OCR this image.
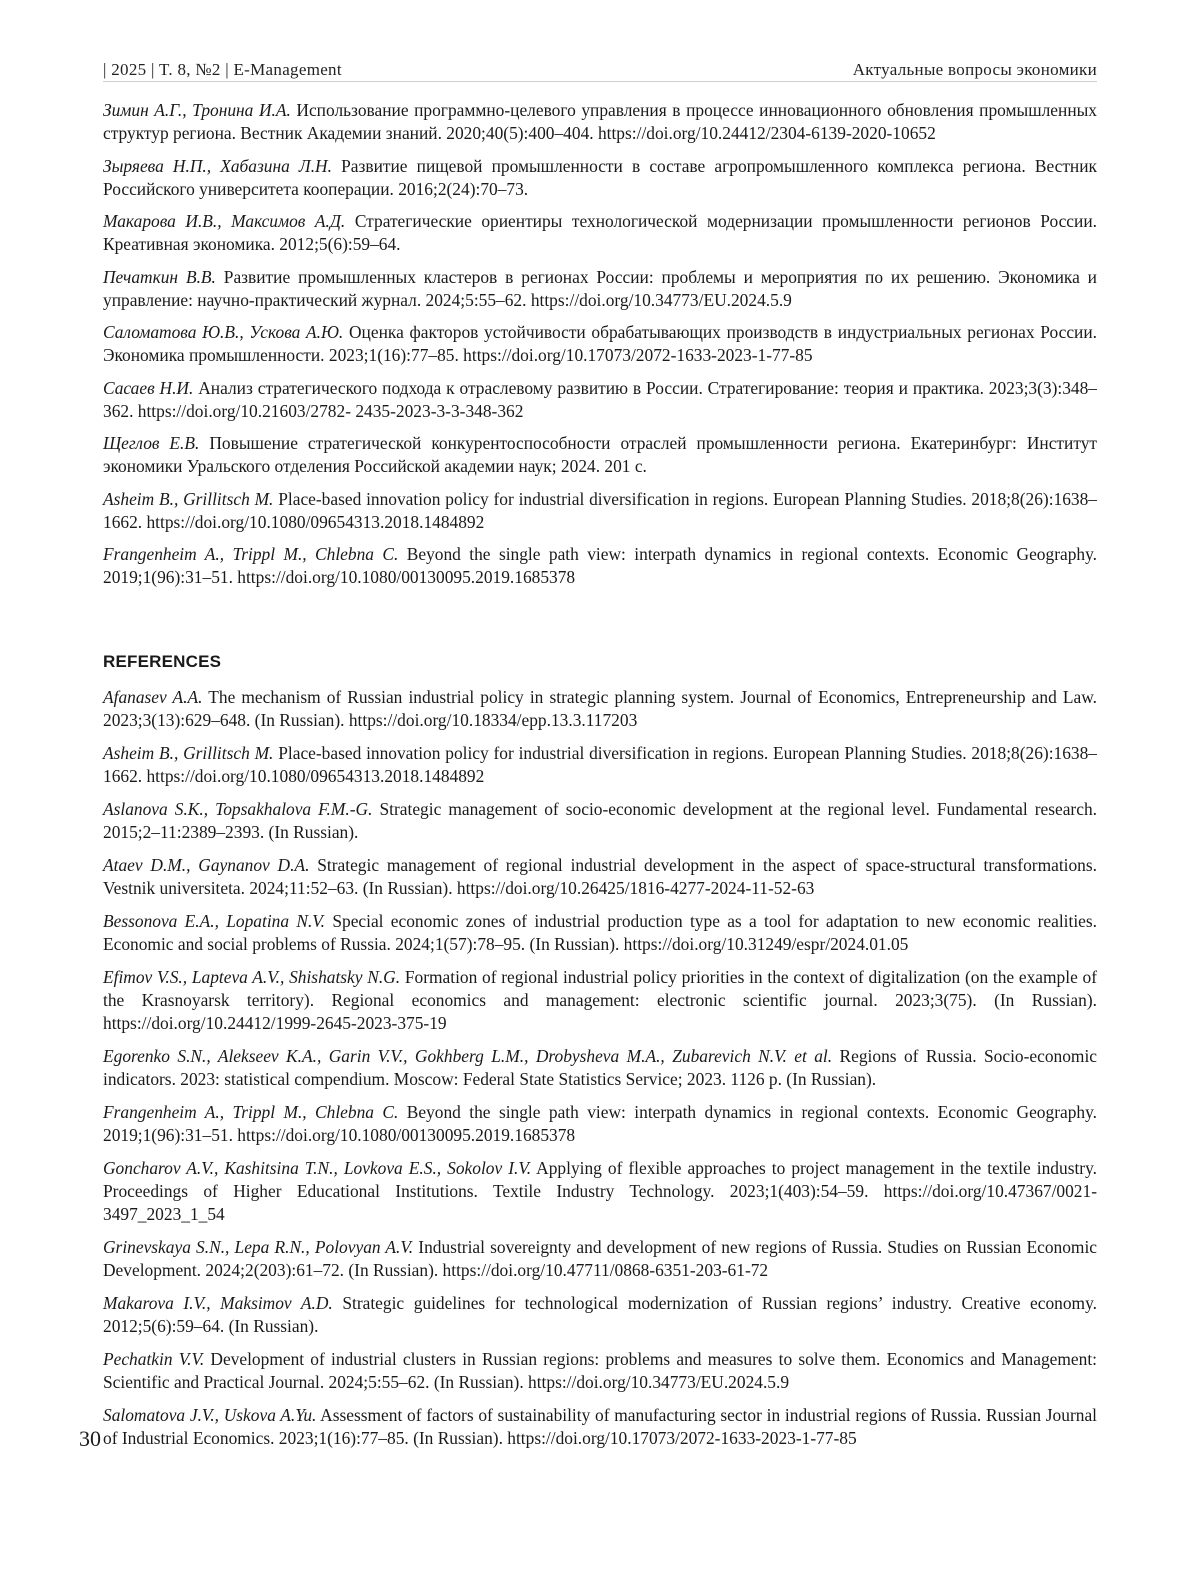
| 2025 | T. 8, №2 | E-Management	Актуальные вопросы экономики

Зимин А.Г., Тронина И.А. Использование программно-целевого управления в процессе инновационного обновления промышленных структур региона. Вестник Академии знаний. 2020;40(5):400–404. https://doi.org/10.24412/2304-6139-2020-10652

Зыряева Н.П., Хабазина Л.Н. Развитие пищевой промышленности в составе агропромышленного комплекса региона. Вестник Российского университета кооперации. 2016;2(24):70–73.

Макарова И.В., Максимов А.Д. Стратегические ориентиры технологической модернизации промышленности регионов России. Креативная экономика. 2012;5(6):59–64.

Печаткин В.В. Развитие промышленных кластеров в регионах России: проблемы и мероприятия по их решению. Экономика и управление: научно-практический журнал. 2024;5:55–62. https://doi.org/10.34773/EU.2024.5.9

Саломатова Ю.В., Ускова А.Ю. Оценка факторов устойчивости обрабатывающих производств в индустриальных регионах России. Экономика промышленности. 2023;1(16):77–85. https://doi.org/10.17073/2072-1633-2023-1-77-85

Сасаев Н.И. Анализ стратегического подхода к отраслевому развитию в России. Стратегирование: теория и практика. 2023;3(3):348–362. https://doi.org/10.21603/2782- 2435-2023-3-3-348-362

Щеглов Е.В. Повышение стратегической конкурентоспособности отраслей промышленности региона. Екатеринбург: Институт экономики Уральского отделения Российской академии наук; 2024. 201 с.

Asheim B., Grillitsch M. Place-based innovation policy for industrial diversification in regions. European Planning Studies. 2018;8(26):1638–1662. https://doi.org/10.1080/09654313.2018.1484892

Frangenheim A., Trippl M., Chlebna C. Beyond the single path view: interpath dynamics in regional contexts. Economic Geography. 2019;1(96):31–51. https://doi.org/10.1080/00130095.2019.1685378

REFERENCES

Afanasev A.A. The mechanism of Russian industrial policy in strategic planning system. Journal of Economics, Entrepreneurship and Law. 2023;3(13):629–648. (In Russian). https://doi.org/10.18334/epp.13.3.117203

Asheim B., Grillitsch M. Place-based innovation policy for industrial diversification in regions. European Planning Studies. 2018;8(26):1638–1662. https://doi.org/10.1080/09654313.2018.1484892

Aslanova S.K., Topsakhalova F.M.-G. Strategic management of socio-economic development at the regional level. Fundamental research. 2015;2–11:2389–2393. (In Russian).

Ataev D.M., Gaynanov D.A. Strategic management of regional industrial development in the aspect of space-structural transformations. Vestnik universiteta. 2024;11:52–63. (In Russian). https://doi.org/10.26425/1816-4277-2024-11-52-63

Bessonova E.A., Lopatina N.V. Special economic zones of industrial production type as a tool for adaptation to new economic realities. Economic and social problems of Russia. 2024;1(57):78–95. (In Russian). https://doi.org/10.31249/espr/2024.01.05

Efimov V.S., Lapteva A.V., Shishatsky N.G. Formation of regional industrial policy priorities in the context of digitalization (on the example of the Krasnoyarsk territory). Regional economics and management: electronic scientific journal. 2023;3(75). (In Russian). https://doi.org/10.24412/1999-2645-2023-375-19

Egorenko S.N., Alekseev K.A., Garin V.V., Gokhberg L.M., Drobysheva M.A., Zubarevich N.V. et al. Regions of Russia. Socio-economic indicators. 2023: statistical compendium. Moscow: Federal State Statistics Service; 2023. 1126 p. (In Russian).

Frangenheim A., Trippl M., Chlebna C. Beyond the single path view: interpath dynamics in regional contexts. Economic Geography. 2019;1(96):31–51. https://doi.org/10.1080/00130095.2019.1685378

Goncharov A.V., Kashitsina T.N., Lovkova E.S., Sokolov I.V. Applying of flexible approaches to project management in the textile industry. Proceedings of Higher Educational Institutions. Textile Industry Technology. 2023;1(403):54–59. https://doi.org/10.47367/0021-3497_2023_1_54

Grinevskaya S.N., Lepa R.N., Polovyan A.V. Industrial sovereignty and development of new regions of Russia. Studies on Russian Economic Development. 2024;2(203):61–72. (In Russian). https://doi.org/10.47711/0868-6351-203-61-72

Makarova I.V., Maksimov A.D. Strategic guidelines for technological modernization of Russian regions’ industry. Creative economy. 2012;5(6):59–64. (In Russian).

Pechatkin V.V. Development of industrial clusters in Russian regions: problems and measures to solve them. Economics and Management: Scientific and Practical Journal. 2024;5:55–62. (In Russian). https://doi.org/10.34773/EU.2024.5.9

Salomatova J.V., Uskova A.Yu. Assessment of factors of sustainability of manufacturing sector in industrial regions of Russia. Russian Journal of Industrial Economics. 2023;1(16):77–85. (In Russian). https://doi.org/10.17073/2072-1633-2023-1-77-85

30
